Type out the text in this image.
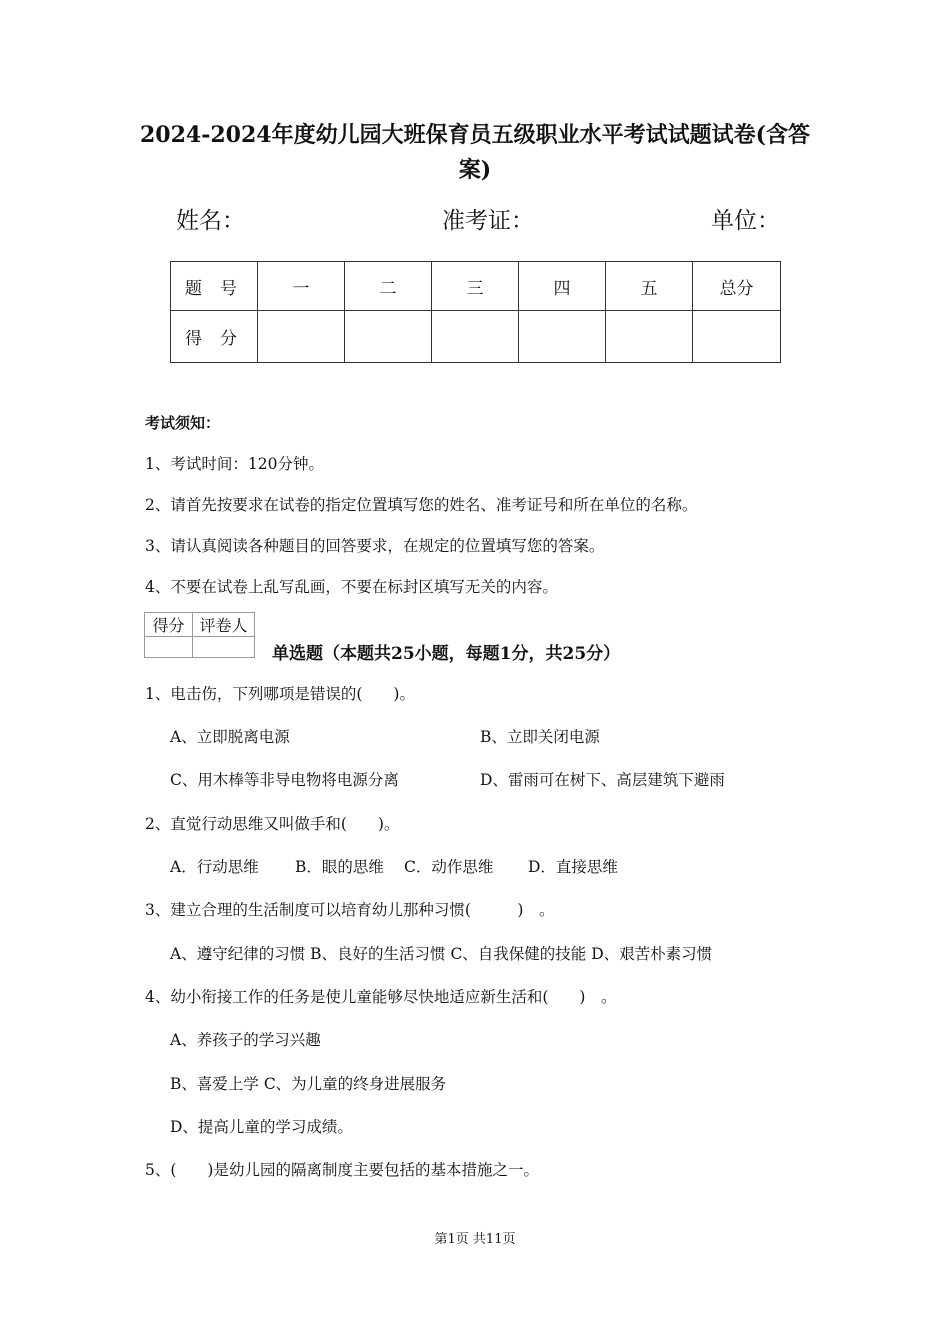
2024-2024年度幼儿园大班保育员五级职业水平考试试题试卷(含答案)
姓名：	准考证：	单位：
题号	一	二	三	四	五	总分
得分						
考试须知：
1、考试时间：120分钟。
2、请首先按要求在试卷的指定位置填写您的姓名、准考证号和所在单位的名称。
3、请认真阅读各种题目的回答要求，在规定的位置填写您的答案。
4、不要在试卷上乱写乱画，不要在标封区填写无关的内容。
得分	评卷人

单选题（本题共25小题，每题1分，共25分）
1、电击伤，下列哪项是错误的(　　)。
A、立即脱离电源	B、立即关闭电源
C、用木棒等非导电物将电源分离	D、雷雨可在树下、高层建筑下避雨
2、直觉行动思维又叫做手和(　　)。
A．行动思维 B．眼的思维 C．动作思维 D．直接思维
3、建立合理的生活制度可以培育幼儿那种习惯(　　　)　。
A、遵守纪律的习惯 B、良好的生活习惯 C、自我保健的技能 D、艰苦朴素习惯
4、幼小衔接工作的任务是使儿童能够尽快地适应新生活和(　　)　。
A、养孩子的学习兴趣
B、喜爱上学 C、为儿童的终身进展服务
D、提高儿童的学习成绩。
5、(　　)是幼儿园的隔离制度主要包括的基本措施之一。
第1页 共11页
